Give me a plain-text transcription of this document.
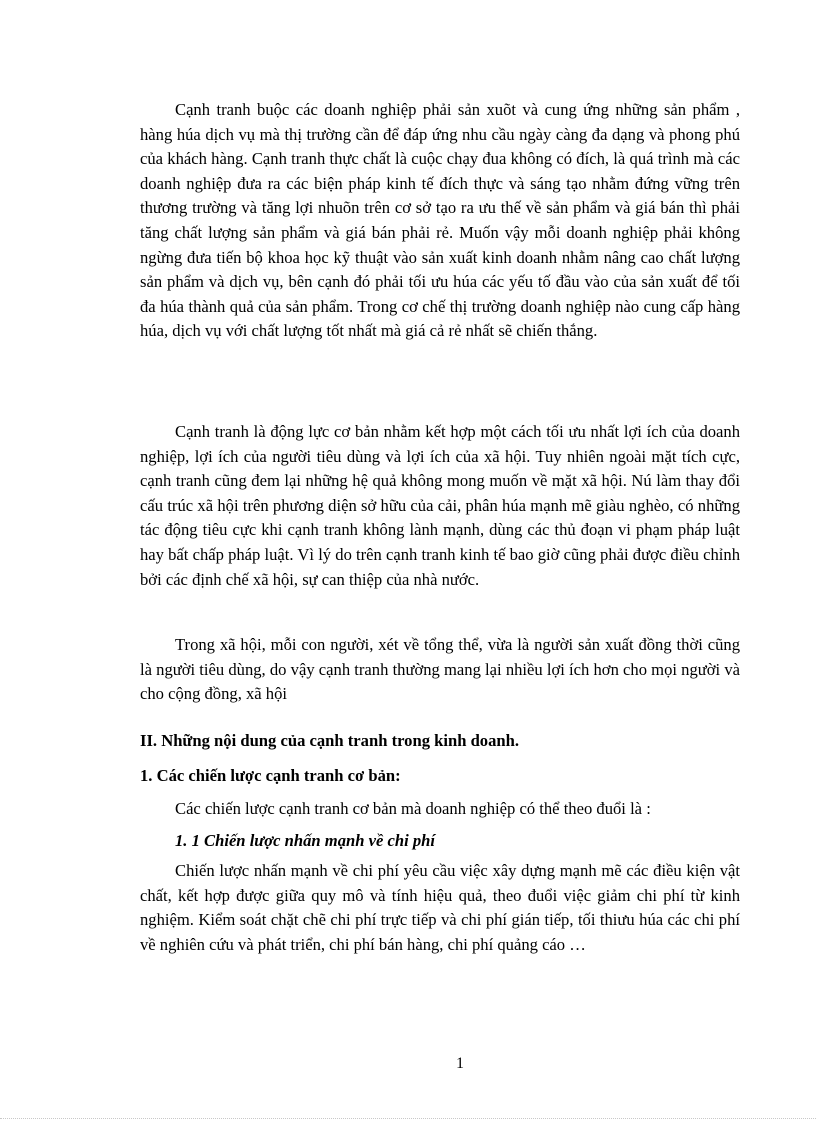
Cạnh tranh buộc các doanh nghiệp phải sản xuõt và cung ứng những sản phẩm , hàng húa dịch vụ mà thị trường cần để đáp ứng nhu cầu ngày càng đa dạng và phong phú của khách hàng. Cạnh tranh thực chất là cuộc chạy đua không có đích, là quá trình mà các doanh nghiệp đưa ra các biện pháp kinh tế đích thực và sáng tạo nhằm đứng vững trên thương trường và tăng lợi nhuõn trên cơ sở tạo ra ưu thế về sản phẩm và giá bán thì phải tăng chất lượng sản phẩm và giá bán phải rẻ. Muốn vậy mỗi doanh nghiệp phải không ngừng đưa tiến bộ khoa học kỹ thuật vào sản xuất kinh doanh nhằm nâng cao chất lượng sản phẩm và dịch vụ, bên cạnh đó phải tối ưu húa các yếu tố đầu vào của sản xuất để tối đa húa thành quả của sản phẩm. Trong cơ chế thị trường doanh nghiệp nào cung cấp hàng húa, dịch vụ với chất lượng tốt nhất mà giá cả rẻ nhất sẽ chiến thắng.

Cạnh tranh là động lực cơ bản nhằm kết hợp một cách tối ưu nhất lợi ích của doanh nghiệp, lợi ích của người tiêu dùng và lợi ích của xã hội. Tuy nhiên ngoài mặt tích cực, cạnh tranh cũng đem lại những hệ quả không mong muốn về mặt xã hội. Nú làm thay đổi cấu trúc xã hội trên phương diện sở hữu của cải, phân húa mạnh mẽ giàu nghèo, có những tác động tiêu cực khi cạnh tranh không lành mạnh, dùng các thủ đoạn vi phạm pháp luật hay bất chấp pháp luật. Vì lý do trên cạnh tranh kinh tế bao giờ cũng phải được điều chỉnh bởi các định chế xã hội, sự can thiệp của nhà nước.

Trong xã hội, mỗi con người, xét về tổng thể, vừa là người sản xuất đồng thời cũng là người tiêu dùng, do vậy cạnh tranh thường mang lại nhiều lợi ích hơn cho mọi người và cho cộng đồng, xã hội

II. Những nội dung của cạnh tranh trong kinh doanh.
1. Các chiến lược cạnh tranh cơ bản:
Các chiến lược cạnh tranh cơ bản mà doanh nghiệp có thể theo đuổi là :
1. 1 Chiến lược nhấn mạnh về chi phí

Chiến lược nhấn mạnh về chi phí yêu cầu việc xây dựng mạnh mẽ các điều kiện vật chất, kết hợp được giữa quy mô và tính hiệu quả, theo đuổi việc giảm chi phí từ kinh nghiệm. Kiểm soát chặt chẽ chi phí trực tiếp và chi phí gián tiếp, tối thiưu húa các chi phí về nghiên cứu và phát triển, chi phí bán hàng, chi phí quảng cáo …

1
